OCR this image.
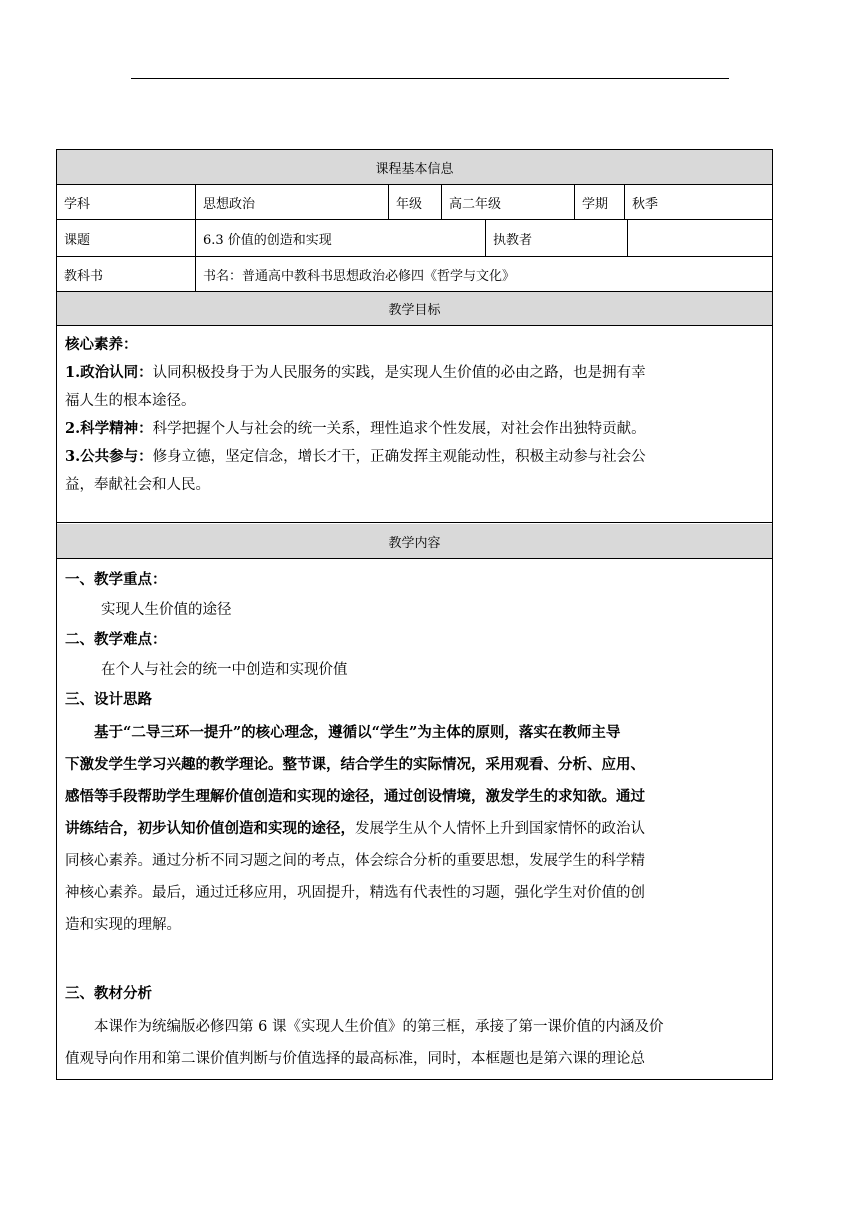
课程基本信息
学科	思想政治	年级	高二年级	学期	秋季
课题	6.3 价值的创造和实现	执教者
教科书	书名：普通高中教科书思想政治必修四《哲学与文化》
教学目标

核心素养：

1.政治认同：认同积极投身于为人民服务的实践，是实现人生价值的必由之路，也是拥有幸

福人生的根本途径。

2.科学精神：科学把握个人与社会的统一关系，理性追求个性发展，对社会作出独特贡献。

3.公共参与：修身立德，坚定信念，增长才干，正确发挥主观能动性，积极主动参与社会公

益，奉献社会和人民。

教学内容

一、教学重点：

实现人生价值的途径

二、教学难点：

在个人与社会的统一中创造和实现价值

三、设计思路

基于“二导三环一提升”的核心理念，遵循以“学生”为主体的原则，落实在教师主导

下激发学生学习兴趣的教学理论。整节课，结合学生的实际情况，采用观看、分析、应用、

感悟等手段帮助学生理解价值创造和实现的途径，通过创设情境，激发学生的求知欲。通过

讲练结合，初步认知价值创造和实现的途径，发展学生从个人情怀上升到国家情怀的政治认

同核心素养。通过分析不同习题之间的考点，体会综合分析的重要思想，发展学生的科学精

神核心素养。最后，通过迁移应用，巩固提升，精选有代表性的习题，强化学生对价值的创

造和实现的理解。

三、教材分析

本课作为统编版必修四第 6 课《实现人生价值》的第三框，承接了第一课价值的内涵及价

值观导向作用和第二课价值判断与价值选择的最高标准，同时，本框题也是第六课的理论总
